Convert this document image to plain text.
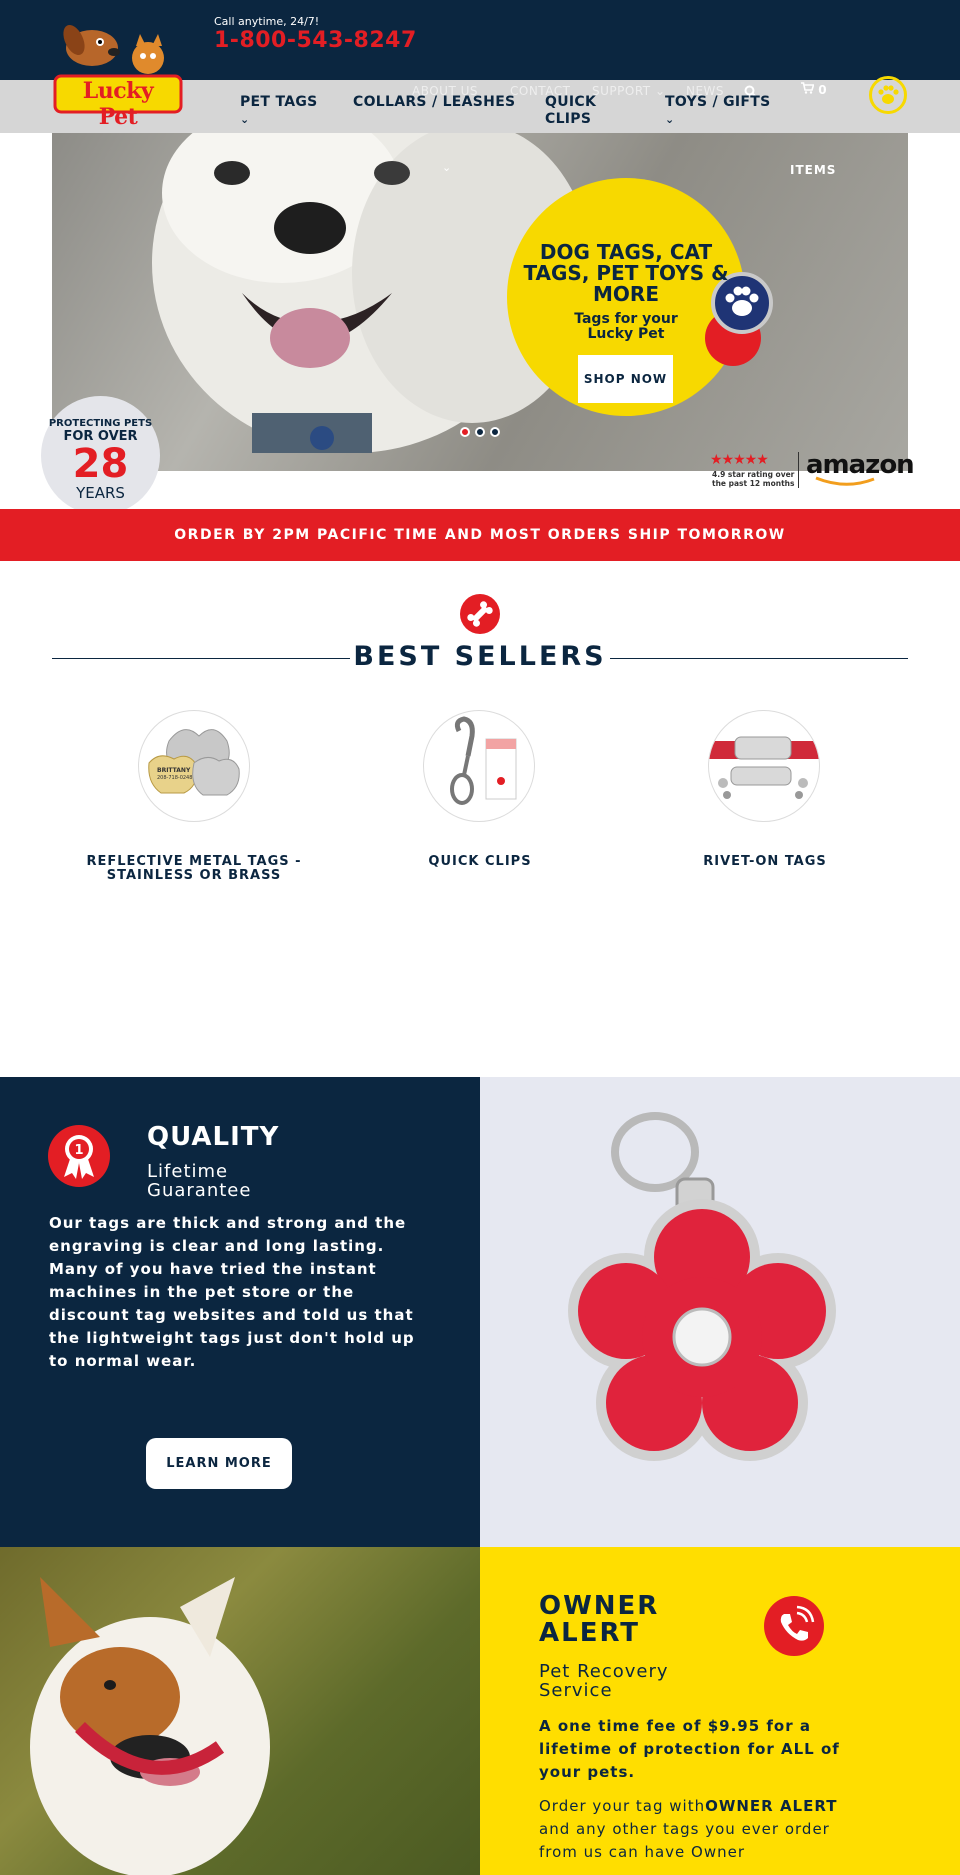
Lucky Pet
Call anytime, 24/7!
1-800-543-8247
ABOUT US	CONTACT SUPPORT ⌄ NEWS	0
PET TAGS
⌄
COLLARS / LEASHES QUICK CLIPS
TOYS / GIFTS
⌄
⌄	ITEMS
DOG TAGS, CAT TAGS, PET TOYS & MORE
Tags for your Lucky Pet
SHOP NOW
PROTECTING PETS
FOR OVER
28
YEARS
★★★★★
4.9 star rating over the past 12 months
amazon
ORDER BY 2PM PACIFIC TIME AND MOST ORDERS SHIP TOMORROW
BEST SELLERS
BRITTANY
208-718-0248
REFLECTIVE METAL TAGS - STAINLESS OR BRASS
QUICK CLIPS	RIVET-ON TAGS
1 QUALITY
Lifetime Guarantee
Our tags are thick and strong and the engraving is clear and long lasting. Many of you have tried the instant machines in the pet store or the discount tag websites and told us that the lightweight tags just don't hold up to normal wear.
LEARN MORE
OWNER ALERT
Pet Recovery Service
A one time fee of $9.95 for a lifetime of protection for ALL of your pets.
Order your tag withOWNER ALERT and any other tags you ever order from us can have Owner
